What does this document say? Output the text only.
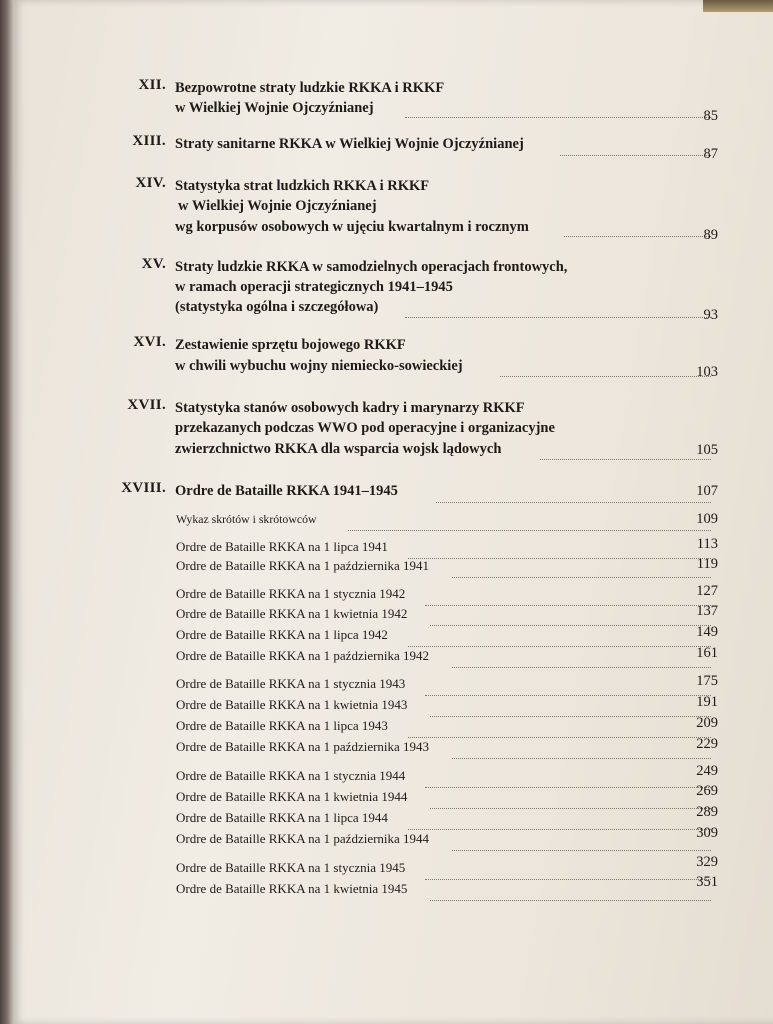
XII. Bezpowrotne straty ludzkie RKKA i RKKF
w Wielkiej Wojnie Ojczyźnianej	85
XIII. Straty sanitarne RKKA w Wielkiej Wojnie Ojczyźnianej
87
XIV. Statystyka strat ludzkich RKKA i RKKF
w Wielkiej Wojnie Ojczyźnianej
wg korpusów osobowych w ujęciu kwartalnym i rocznym	89
XV. Straty ludzkie RKKA w samodzielnych operacjach frontowych,
w ramach operacji strategicznych 1941–1945
(statystyka ogólna i szczegółowa)	93
XVI. Zestawienie sprzętu bojowego RKKF
w chwili wybuchu wojny niemiecko-sowieckiej	103
XVII. Statystyka stanów osobowych kadry i marynarzy RKKF
przekazanych podczas WWO pod operacyjne i organizacyjne
zwierzchnictwo RKKA dla wsparcia wojsk lądowych	105
XVIII. Ordre de Bataille RKKA 1941–1945	107
Wykaz skrótów i skrótowców	109
Ordre de Bataille RKKA na 1 lipca 1941	113
Ordre de Bataille RKKA na 1 października 1941	119
Ordre de Bataille RKKA na 1 stycznia 1942	127
Ordre de Bataille RKKA na 1 kwietnia 1942	137
Ordre de Bataille RKKA na 1 lipca 1942	149
Ordre de Bataille RKKA na 1 października 1942	161
Ordre de Bataille RKKA na 1 stycznia 1943	175
Ordre de Bataille RKKA na 1 kwietnia 1943	191
Ordre de Bataille RKKA na 1 lipca 1943	209
Ordre de Bataille RKKA na 1 października 1943	229
Ordre de Bataille RKKA na 1 stycznia 1944	249
Ordre de Bataille RKKA na 1 kwietnia 1944	269
Ordre de Bataille RKKA na 1 lipca 1944	289
Ordre de Bataille RKKA na 1 października 1944	309
Ordre de Bataille RKKA na 1 stycznia 1945	329
Ordre de Bataille RKKA na 1 kwietnia 1945	351
